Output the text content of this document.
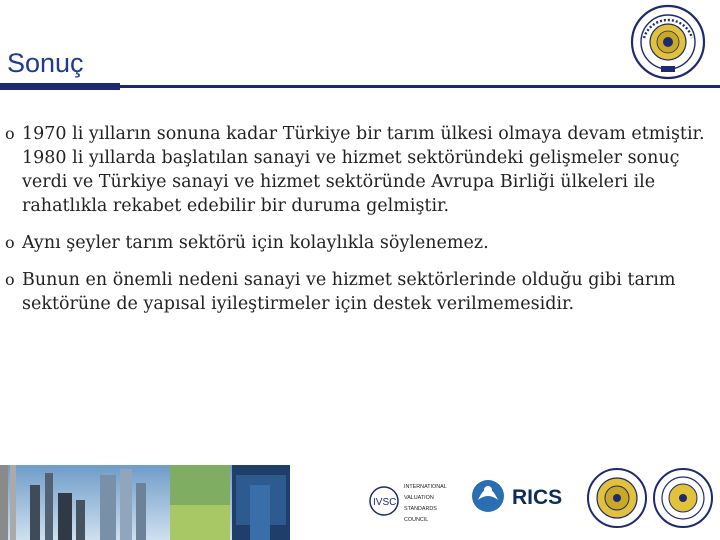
Sonuç
o 1970 li yılların sonuna kadar Türkiye bir tarım ülkesi olmaya devam etmiştir. 1980 li yıllarda başlatılan sanayi ve hizmet sektöründeki gelişmeler sonuç verdi ve Türkiye sanayi ve hizmet sektöründe Avrupa Birliği ülkeleri ile rahatlıkla rekabet edebilir bir duruma gelmiştir.
o Aynı şeyler tarım sektörü için kolaylıkla söylenemez.
o Bunun en önemli nedeni sanayi ve hizmet sektörlerinde olduğu gibi tarım sektörüne de yapısal iyileştirmeler için destek verilmemesidir.
IVSC
INTERNATIONAL
VALUATION
STANDARDS
COUNCIL
RICS
